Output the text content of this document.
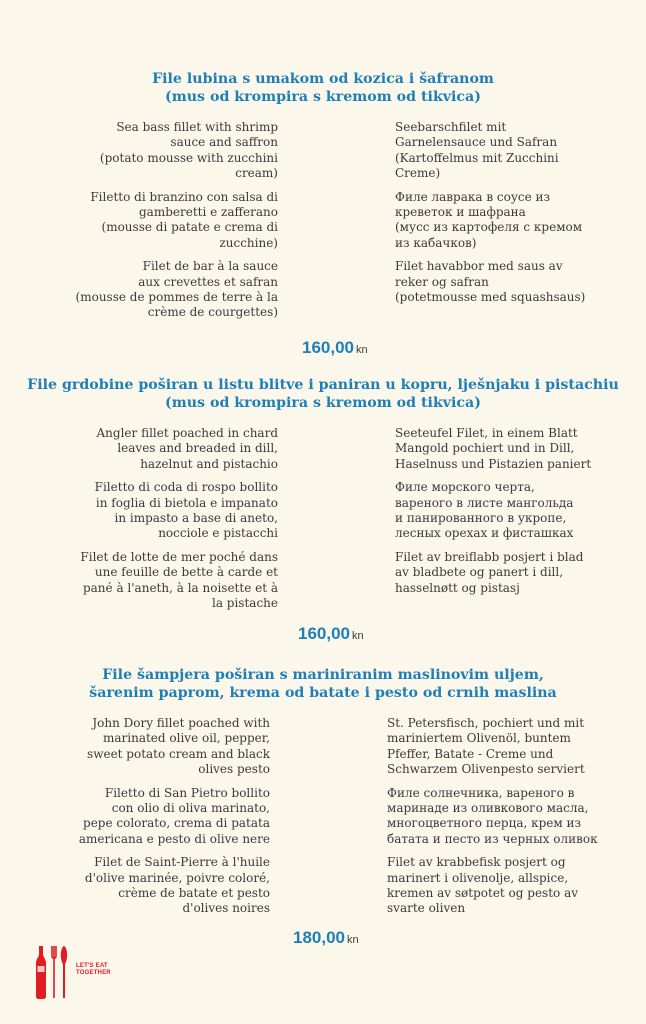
File lubina s umakom od kozica i šafranom

(mus od krompira s kremom od tikvica)

Sea bass fillet with shrimp
sauce and saffron
(potato mousse with zucchini
cream)

Filetto di branzino con salsa di
gamberetti e zafferano
(mousse di patate e crema di
zucchine)

Filet de bar à la sauce
aux crevettes et safran
(mousse de pommes de terre à la
crème de courgettes)

Seebarschfilet mit
Garnelensauce und Safran
(Kartoffelmus mit Zucchini
Creme)

Филе лавракa в соусе из
креветок и шафрана
(мусс из картофеля с кремом
из кабачков)

Filet havabbor med saus av
reker og safran
(potetmousse med squashsaus)

160,00 kn

File grdobine poširan u listu blitve i paniran u kopru, lješnjaku i pistachiu

(mus od krompira s kremom od tikvica)

Angler fillet poached in chard
leaves and breaded in dill,
hazelnut and pistachio

Filetto di coda di rospo bollito
in foglia di bietola e impanato
in impasto a base di aneto,
nocciole e pistacchi

Filet de lotte de mer poché dans
une feuille de bette à carde et
pané à l'aneth, à la noisette et à
la pistache

Seeteufel Filet, in einem Blatt
Mangold pochiert und in Dill,
Haselnuss und Pistazien paniert

Филе морского черта,
вареного в листе мангольда
и панированного в укропе,
лесных орехах и фисташках

Filet av breiflabb posjert i blad
av bladbete og panert i dill,
hasselnøtt og pistasj

160,00 kn

File šampjera poširan s mariniranim maslinovim uljem,

šarenim paprom, krema od batate i pesto od crnih maslina

John Dory fillet poached with
marinated olive oil, pepper,
sweet potato cream and black
olives pesto

Filetto di San Pietro bollito
con olio di oliva marinato,
pepe colorato, crema di patata
americana e pesto di olive nere

Filet de Saint-Pierre à l'huile
d'olive marinée, poivre coloré,
crème de batate et pesto
d'olives noires

St. Petersfisch, pochiert und mit
mariniertem Olivenöl, buntem
Pfeffer, Batate - Creme und
Schwarzem Olivenpesto serviert

Филе солнечника, вареного в
маринаде из оливкового масла,
многоцветного перца, крем из
батата и песто из черных оливок

Filet av krabbefisk posjert og
marinert i olivenolje, allspice,
kremen av søtpotet og pesto av
svarte oliven

180,00 kn
LET'S EAT
TOGETHER
